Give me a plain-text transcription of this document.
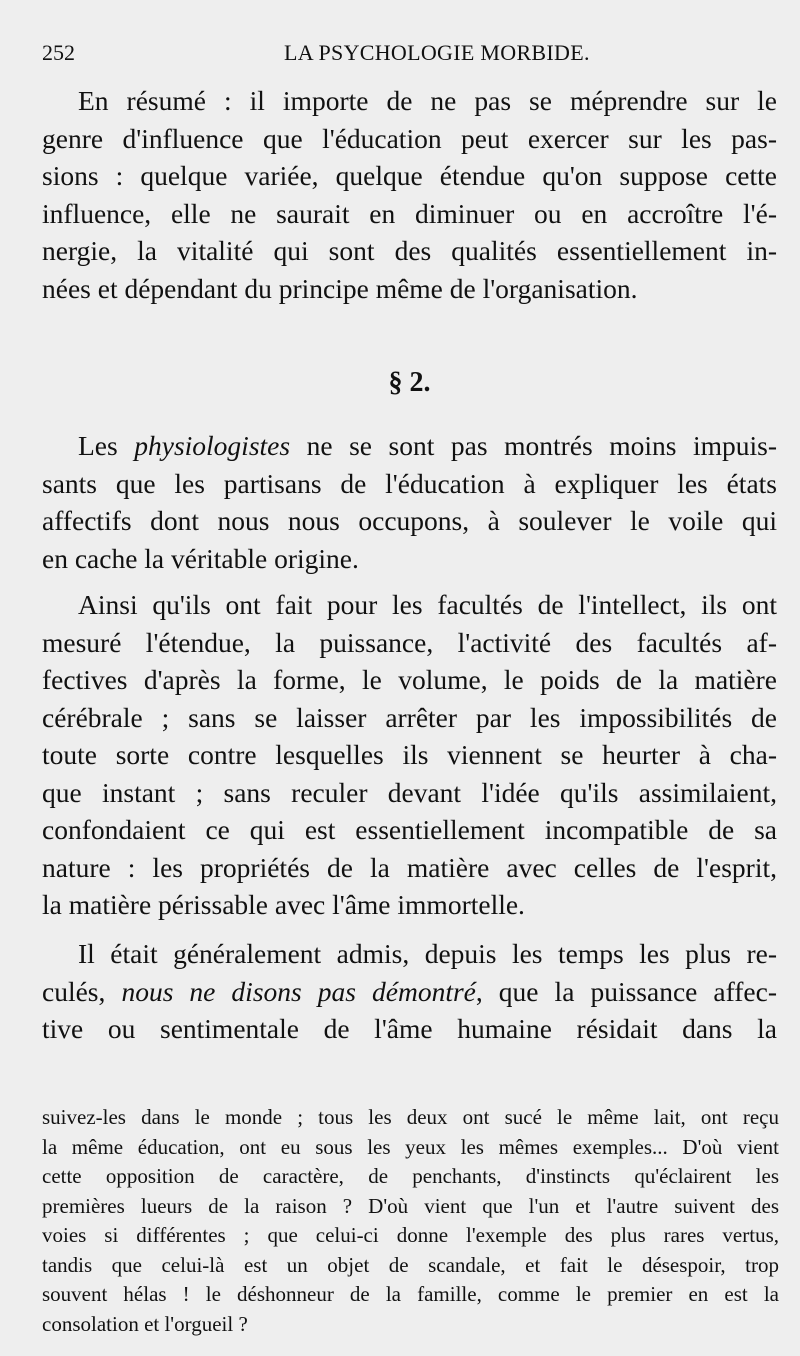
252	LA PSYCHOLOGIE MORBIDE.
En résumé : il importe de ne pas se méprendre sur le
genre d'influence que l'éducation peut exercer sur les pas-
sions : quelque variée, quelque étendue qu'on suppose cette
influence, elle ne saurait en diminuer ou en accroître l'é-
nergie, la vitalité qui sont des qualités essentiellement in-
nées et dépendant du principe même de l'organisation.
§ 2.
Les physiologistes ne se sont pas montrés moins impuis-
sants que les partisans de l'éducation à expliquer les états
affectifs dont nous nous occupons, à soulever le voile qui
en cache la véritable origine.
Ainsi qu'ils ont fait pour les facultés de l'intellect, ils ont
mesuré l'étendue, la puissance, l'activité des facultés af-
fectives d'après la forme, le volume, le poids de la matière
cérébrale ; sans se laisser arrêter par les impossibilités de
toute sorte contre lesquelles ils viennent se heurter à cha-
que instant ; sans reculer devant l'idée qu'ils assimilaient,
confondaient ce qui est essentiellement incompatible de sa
nature : les propriétés de la matière avec celles de l'esprit,
la matière périssable avec l'âme immortelle.
Il était généralement admis, depuis les temps les plus re-
culés, nous ne disons pas démontré, que la puissance affec-
tive ou sentimentale de l'âme humaine résidait dans la
suivez-les dans le monde ; tous les deux ont sucé le même lait, ont reçu
la même éducation, ont eu sous les yeux les mêmes exemples... D'où vient
cette opposition de caractère, de penchants, d'instincts qu'éclairent les
premières lueurs de la raison ? D'où vient que l'un et l'autre suivent des
voies si différentes ; que celui-ci donne l'exemple des plus rares vertus,
tandis que celui-là est un objet de scandale, et fait le désespoir, trop
souvent hélas ! le déshonneur de la famille, comme le premier en est la
consolation et l'orgueil ?
